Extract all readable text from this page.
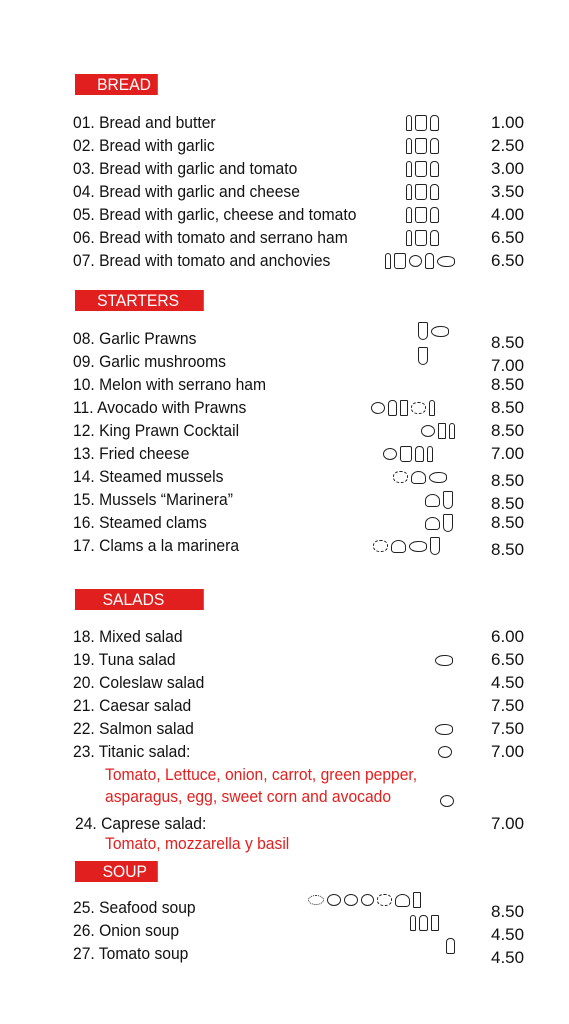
BREAD
01. Bread and butter	1.00
02. Bread with garlic	2.50
03. Bread with garlic and tomato	3.00
04. Bread with garlic and cheese	3.50
05. Bread with garlic, cheese and tomato	4.00
06. Bread with tomato and serrano ham	6.50
07. Bread with tomato and anchovies	6.50
STARTERS
08. Garlic Prawns	8.50
09. Garlic mushrooms	7.00
10. Melon with serrano ham	8.50
11. Avocado with Prawns	8.50
12. King Prawn Cocktail	8.50
13. Fried cheese	7.00
14. Steamed mussels	8.50
15. Mussels “Marinera”	8.50
16. Steamed clams	8.50
17. Clams a la marinera	8.50
SALADS
18. Mixed salad	6.00
19. Tuna salad	6.50
20. Coleslaw salad	4.50
21. Caesar salad	7.50
22. Salmon salad	7.50
23. Titanic salad:	7.00
Tomato, Lettuce, onion, carrot, green pepper,
asparagus, egg, sweet corn and avocado
24. Caprese salad:	7.00
Tomato, mozzarella y basil
SOUP
25. Seafood soup	8.50
26. Onion soup	4.50
27. Tomato soup	4.50
